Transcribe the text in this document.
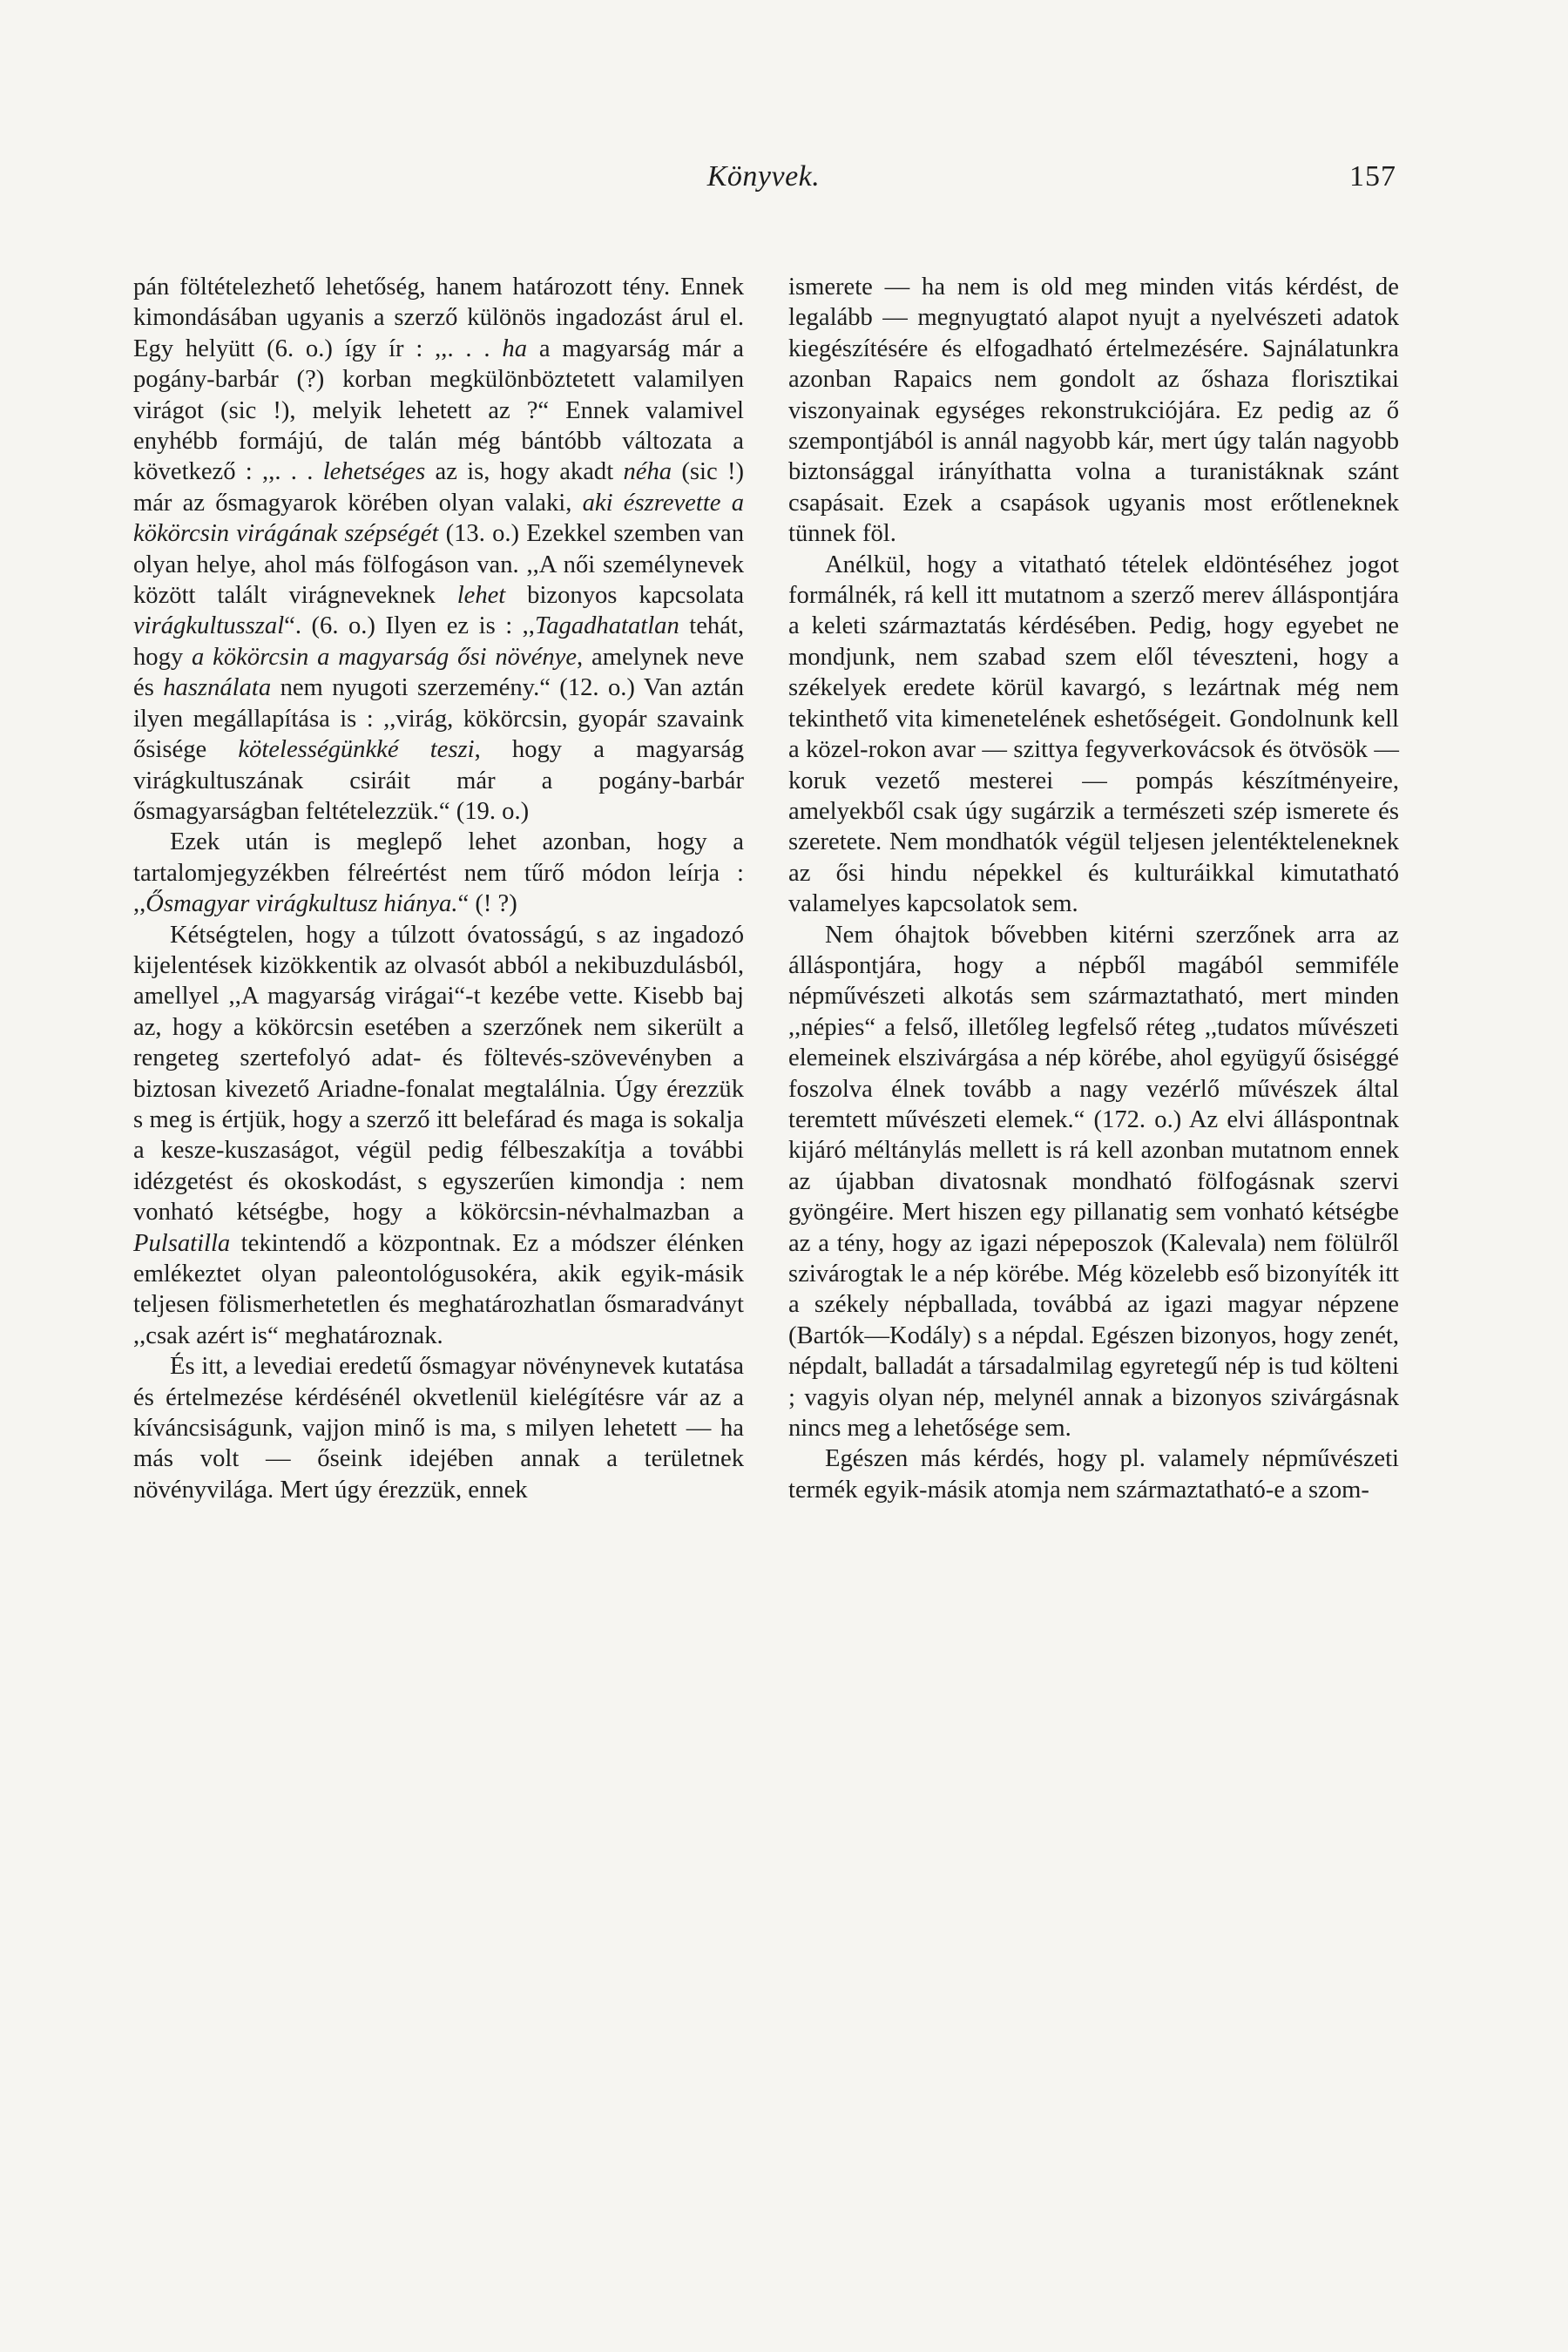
Könyvek.	157

pán föltételezhető lehetőség, hanem határozott tény. Ennek kimondásában ugyanis a szerző különös ingadozást árul el. Egy helyütt (6. o.) így ír : ,,. . . ha a magyarság már a pogány-barbár (?) korban megkülönböztetett valamilyen virágot (sic !), melyik lehetett az ?“ Ennek valamivel enyhébb formájú, de talán még bántóbb változata a következő : ,,. . . lehetséges az is, hogy akadt néha (sic !) már az ősmagyarok körében olyan valaki, aki észrevette a kökörcsin virágának szépségét (13. o.) Ezekkel szemben van olyan helye, ahol más fölfogáson van. ,,A női személynevek között talált virágneveknek lehet bizonyos kapcsolata virágkultusszal“. (6. o.) Ilyen ez is : ,,Tagadhatatlan tehát, hogy a kökörcsin a magyarság ősi növénye, amelynek neve és használata nem nyugoti szerzemény.“ (12. o.) Van aztán ilyen megállapítása is : ,,virág, kökörcsin, gyopár szavaink ősisége kötelességünkké teszi, hogy a magyarság virágkultuszának csiráit már a pogány-barbár ősmagyarságban feltételezzük.“ (19. o.)

Ezek után is meglepő lehet azonban, hogy a tartalomjegyzékben félreértést nem tűrő módon leírja : ,,Ősmagyar virágkultusz hiánya.“ (! ?)

Kétségtelen, hogy a túlzott óvatosságú, s az ingadozó kijelentések kizökkentik az olvasót abból a nekibuzdulásból, amellyel ,,A magyarság virágai“-t kezébe vette. Kisebb baj az, hogy a kökörcsin esetében a szerzőnek nem sikerült a rengeteg szertefolyó adat- és föltevés-szövevényben a biztosan kivezető Ariadne-fonalat megtalálnia. Úgy érezzük s meg is értjük, hogy a szerző itt belefárad és maga is sokalja a kesze-kuszaságot, végül pedig félbeszakítja a további idézgetést és okoskodást, s egyszerűen kimondja : nem vonható kétségbe, hogy a kökörcsin-névhalmazban a Pulsatilla tekintendő a központnak. Ez a módszer élénken emlékeztet olyan paleontológusokéra, akik egyik-másik teljesen fölismerhetetlen és meghatározhatlan ősmaradványt ,,csak azért is“ meghatároznak.

És itt, a levediai eredetű ősmagyar növénynevek kutatása és értelmezése kérdésénél okvetlenül kielégítésre vár az a kíváncsiságunk, vajjon minő is ma, s milyen lehetett — ha más volt — őseink idejében annak a területnek növényvilága. Mert úgy érezzük, ennek

ismerete — ha nem is old meg minden vitás kérdést, de legalább — megnyugtató alapot nyujt a nyelvészeti adatok kiegészítésére és elfogadható értelmezésére. Sajnálatunkra azonban Rapaics nem gondolt az őshaza florisztikai viszonyainak egységes rekonstrukciójára. Ez pedig az ő szempontjából is annál nagyobb kár, mert úgy talán nagyobb biztonsággal irányíthatta volna a turanistáknak szánt csapásait. Ezek a csapások ugyanis most erőtleneknek tünnek föl.

Anélkül, hogy a vitatható tételek eldöntéséhez jogot formálnék, rá kell itt mutatnom a szerző merev álláspontjára a keleti származtatás kérdésében. Pedig, hogy egyebet ne mondjunk, nem szabad szem elől téveszteni, hogy a székelyek eredete körül kavargó, s lezártnak még nem tekinthető vita kimenetelének eshetőségeit. Gondolnunk kell a közel-rokon avar — szittya fegyverkovácsok és ötvösök — koruk vezető mesterei — pompás készítményeire, amelyekből csak úgy sugárzik a természeti szép ismerete és szeretete. Nem mondhatók végül teljesen jelentékteleneknek az ősi hindu népekkel és kulturáikkal kimutatható valamelyes kapcsolatok sem.

Nem óhajtok bővebben kitérni szerzőnek arra az álláspontjára, hogy a népből magából semmiféle népművészeti alkotás sem származtatható, mert minden ,,népies“ a felső, illetőleg legfelső réteg ,,tudatos művészeti elemeinek elszivárgása a nép körébe, ahol együgyű ősiséggé foszolva élnek tovább a nagy vezérlő művészek által teremtett művészeti elemek.“ (172. o.) Az elvi álláspontnak kijáró méltánylás mellett is rá kell azonban mutatnom ennek az újabban divatosnak mondható fölfogásnak szervi gyöngéire. Mert hiszen egy pillanatig sem vonható kétségbe az a tény, hogy az igazi népeposzok (Kalevala) nem fölülről szivárogtak le a nép körébe. Még közelebb eső bizonyíték itt a székely népballada, továbbá az igazi magyar népzene (Bartók—Kodály) s a népdal. Egészen bizonyos, hogy zenét, népdalt, balladát a társadalmilag egyretegű nép is tud költeni ; vagyis olyan nép, melynél annak a bizonyos szivárgásnak nincs meg a lehetősége sem.

Egészen más kérdés, hogy pl. valamely népművészeti termék egyik-másik atomja nem származtatható-e a szom-
